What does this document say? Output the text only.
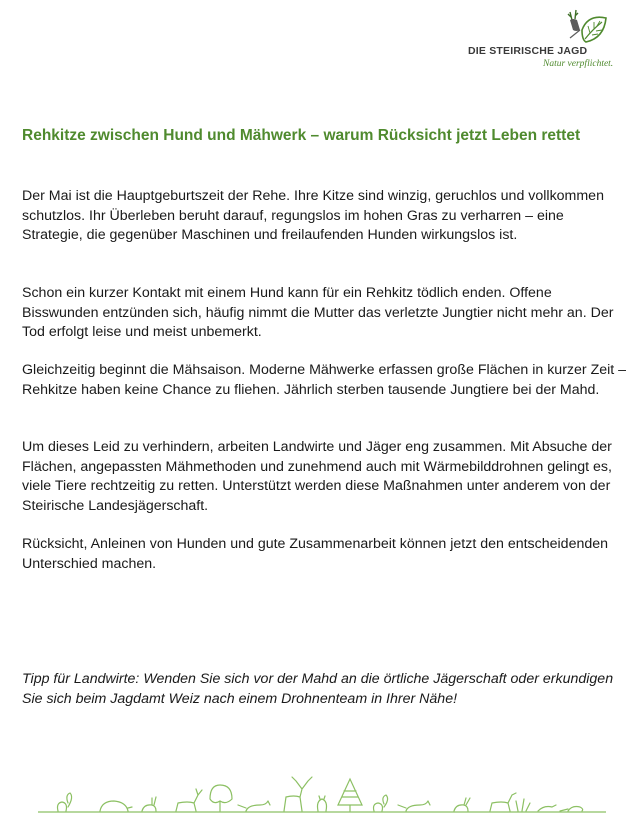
DIE STEIRISCHE JAGD
Natur verpflichtet.
Rehkitze zwischen Hund und Mähwerk – warum Rücksicht jetzt Leben rettet

Der Mai ist die Hauptgeburtszeit der Rehe. Ihre Kitze sind winzig, geruchlos und vollkommen schutzlos. Ihr Überleben beruht darauf, regungslos im hohen Gras zu verharren – eine Strategie, die gegenüber Maschinen und freilaufenden Hunden wirkungslos ist.

Schon ein kurzer Kontakt mit einem Hund kann für ein Rehkitz tödlich enden. Offene Bisswunden entzünden sich, häufig nimmt die Mutter das verletzte Jungtier nicht mehr an. Der Tod erfolgt leise und meist unbemerkt.

Gleichzeitig beginnt die Mähsaison. Moderne Mähwerke erfassen große Flächen in kurzer Zeit – Rehkitze haben keine Chance zu fliehen. Jährlich sterben tausende Jungtiere bei der Mahd.

Um dieses Leid zu verhindern, arbeiten Landwirte und Jäger eng zusammen. Mit Absuche der Flächen, angepassten Mähmethoden und zunehmend auch mit Wärmebilddrohnen gelingt es, viele Tiere rechtzeitig zu retten. Unterstützt werden diese Maßnahmen unter anderem von der Steirische Landesjägerschaft.

Rücksicht, Anleinen von Hunden und gute Zusammenarbeit können jetzt den entscheidenden Unterschied machen.

Tipp für Landwirte: Wenden Sie sich vor der Mahd an die örtliche Jägerschaft oder erkundigen Sie sich beim Jagdamt Weiz nach einem Drohnenteam in Ihrer Nähe!
